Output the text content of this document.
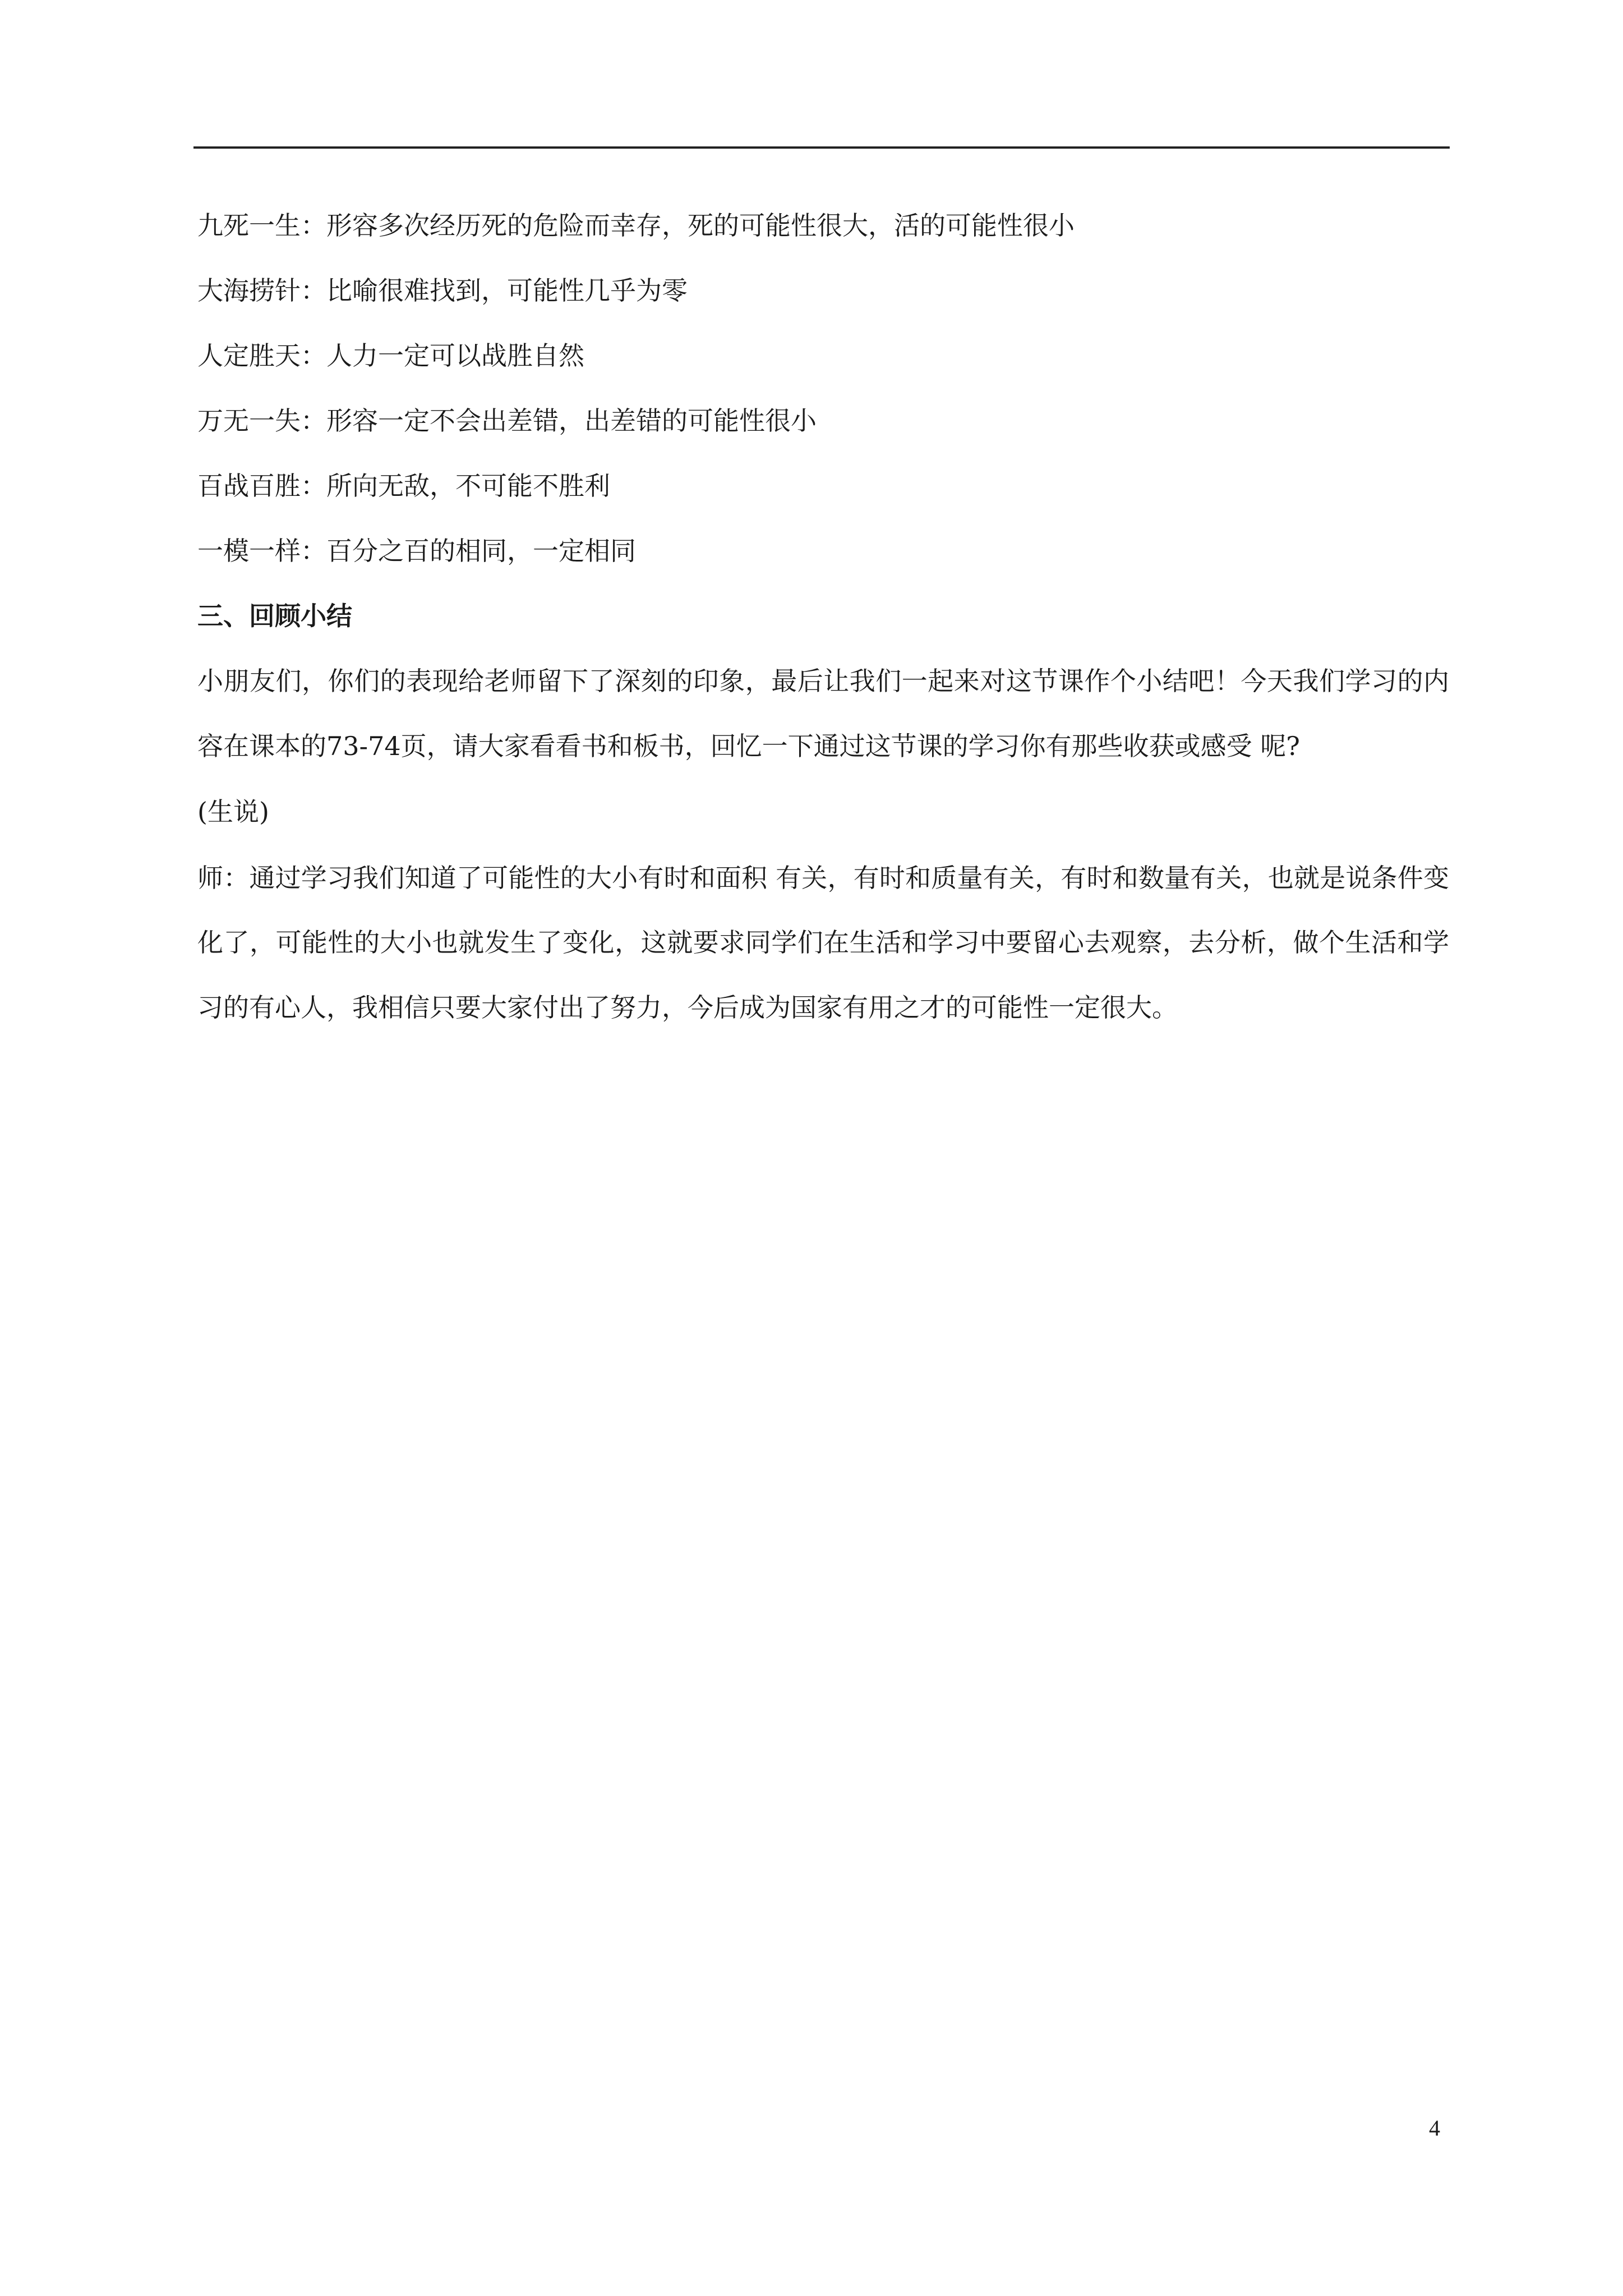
九死一生：形容多次经历死的危险而幸存，死的可能性很大，活的可能性很小

大海捞针：比喻很难找到，可能性几乎为零

人定胜天：人力一定可以战胜自然

万无一失：形容一定不会出差错，出差错的可能性很小

百战百胜：所向无敌，不可能不胜利

一模一样：百分之百的相同，一定相同

三、回顾小结

小朋友们，你们的表现给老师留下了深刻的印象，最后让我们一起来对这节课作个小结吧！今天我们学习的内容在课本的73-74页，请大家看看书和板书，回忆一下通过这节课的学习你有那些收获或感受 呢?

(生说)

师：通过学习我们知道了可能性的大小有时和面积 有关，有时和质量有关，有时和数量有关，也就是说条件变化了，可能性的大小也就发生了变化，这就要求同学们在生活和学习中要留心去观察，去分析，做个生活和学习的有心人，我相信只要大家付出了努力，今后成为国家有用之才的可能性一定很大。

4
